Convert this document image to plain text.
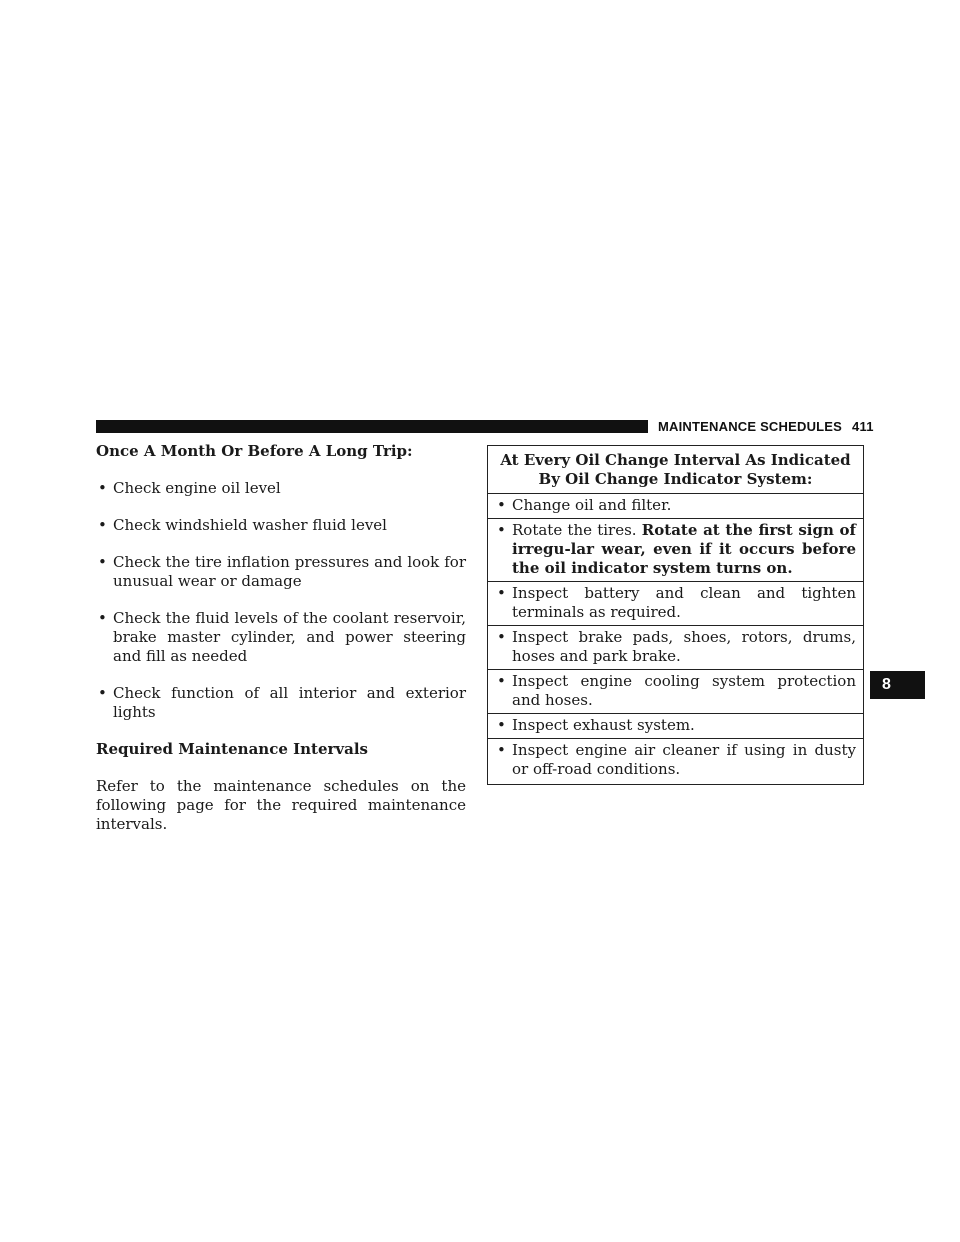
MAINTENANCE SCHEDULES 411
8

Once A Month Or Before A Long Trip:

• Check engine oil level
• Check windshield washer fluid level
• Check the tire inflation pressures and look for unusual wear or damage
• Check the fluid levels of the coolant reservoir, brake master cylinder, and power steering and fill as needed
• Check function of all interior and exterior lights

Required Maintenance Intervals

Refer to the maintenance schedules on the following page for the required maintenance intervals.

At Every Oil Change Interval As Indicated By Oil Change Indicator System:
• Change oil and filter.
• Rotate the tires. Rotate at the first sign of irregu-lar wear, even if it occurs before the oil indicator system turns on.
• Inspect battery and clean and tighten terminals as required.
• Inspect brake pads, shoes, rotors, drums, hoses and park brake.
• Inspect engine cooling system protection and hoses.
• Inspect exhaust system.
• Inspect engine air cleaner if using in dusty or off-road conditions.
